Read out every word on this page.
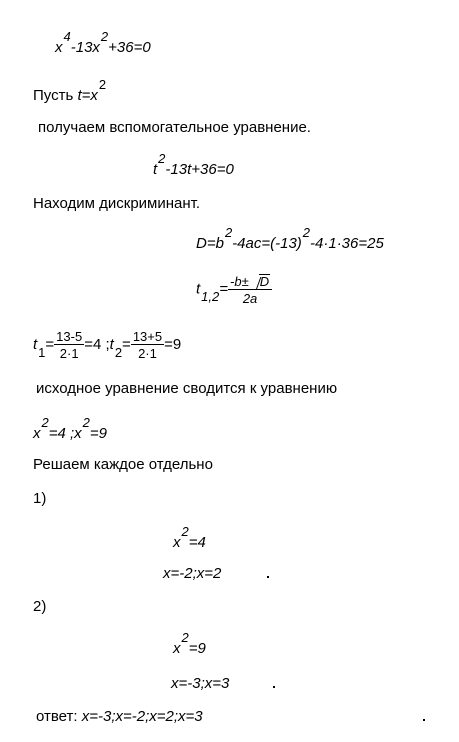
$x^4-13x^2+36=0$
Пусть $t=x^2$
получаем вспомогательное уравнение.
$t^2-13t+36=0$
Находим дискриминант.
$D=b^2-4ac=(-13)^2-4\cdot 1\cdot 36=25$
$t_{1,2}= \frac{-b\pm D}{2a}$
$t_1= \frac{13-5}{2\cdot 1} =4$ $;t_2= \frac{13+5}{2\cdot 1} =9$
исходное уравнение сводится к уравнению
$x^2=4$ $;x^2=9$
Решаем каждое отдельно
1)
$x^2=4$
x=-2;x=2
2)
$x^2=9$
x=-3;x=3
ответ: x=-3;x=-2;x=2;x=3
